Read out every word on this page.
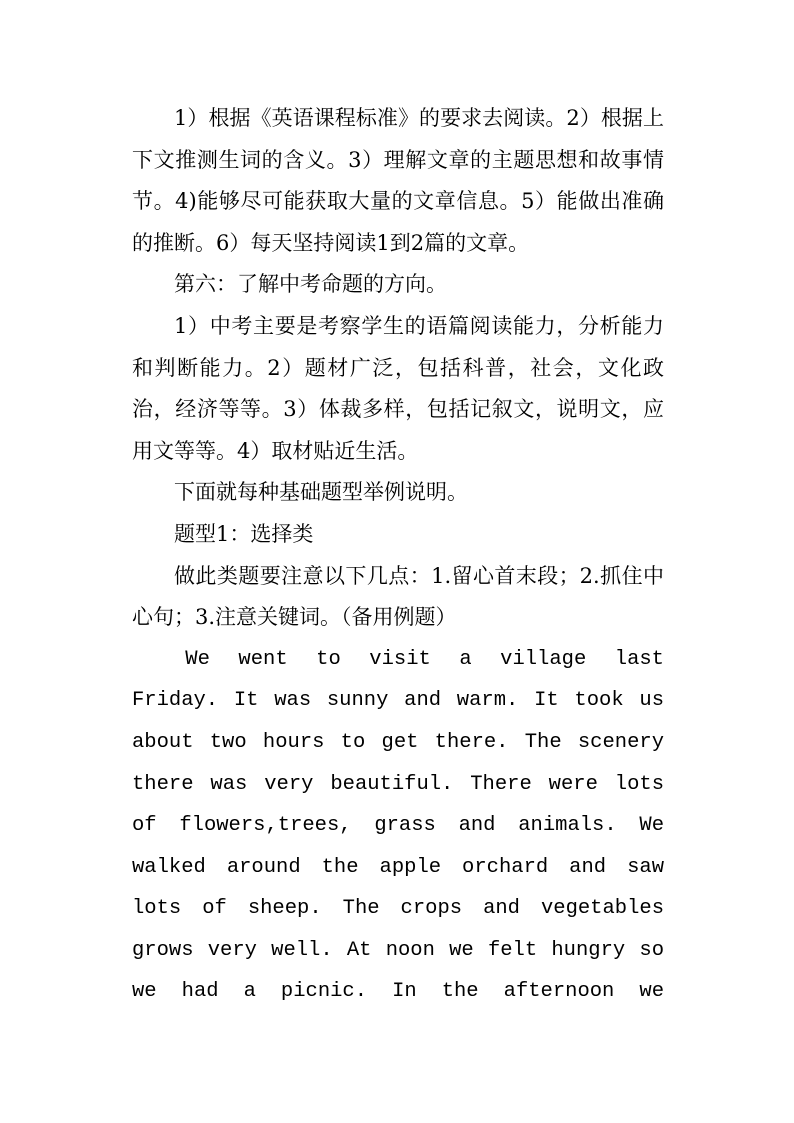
1）根据《英语课程标准》的要求去阅读。2）根据上下文推测生词的含义。3）理解文章的主题思想和故事情节。4)能够尽可能获取大量的文章信息。5）能做出准确的推断。6）每天坚持阅读1到2篇的文章。

第六：了解中考命题的方向。

1）中考主要是考察学生的语篇阅读能力，分析能力和判断能力。2）题材广泛，包括科普，社会，文化政治，经济等等。3）体裁多样，包括记叙文，说明文，应用文等等。4）取材贴近生活。

下面就每种基础题型举例说明。

题型1：选择类

做此类题要注意以下几点：1.留心首末段；2.抓住中心句；3.注意关键词。（备用例题）

We went to visit a village last Friday. It was sunny and warm. It took us about two hours to get there. The scenery there was very beautiful. There were lots of flowers,trees, grass and animals. We walked around the apple orchard and saw lots of sheep. The crops and vegetables grows very well. At noon we felt hungry so we had a picnic. In the afternoon we
